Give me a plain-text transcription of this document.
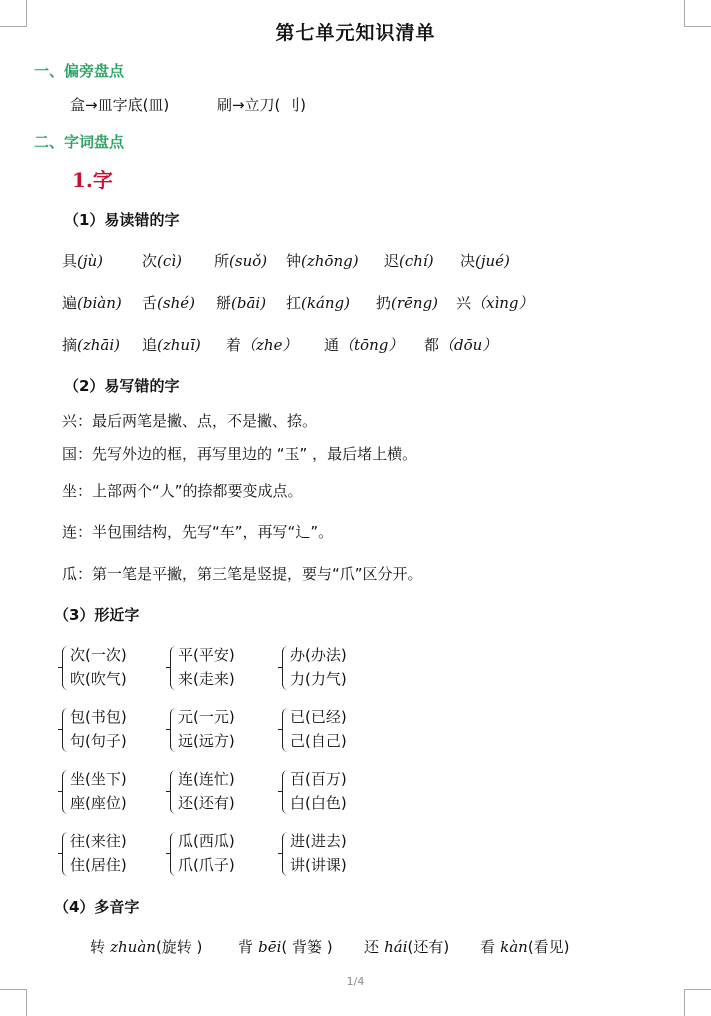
第七单元知识清单
一、偏旁盘点
盒→皿字底(皿)          刷→立刀( 刂)
二、字词盘点
1.字
（1）易读错的字
具(jù)	次(cì) 所(suǒ) 钟(zhōng) 迟(chí) 决(jué)
遍(biàn) 舌(shé) 掰(bāi) 扛(káng) 扔(rēng) 兴（xìng）
摘(zhāi) 追(zhuī) 着（zhe） 通（tōng） 都（dōu）
（2）易写错的字
兴：最后两笔是撇、点，不是撇、捺。
国：先写外边的框，再写里边的 “玉” ，最后堵上横。
坐：上部两个“人”的捺都要变成点。
连：半包围结构，先写“车”，再写“辶”。
瓜：第一笔是平撇，第三笔是竖提，要与“爪”区分开。
（3）形近字
次(一次)
吹(吹气)
平(平安)
来(走来)
办(办法)
力(力气)
包(书包)
句(句子)
元(一元)
远(远方)
已(已经)
己(自己)
坐(坐下)
座(座位)
连(连忙)
还(还有)
百(百万)
白(白色)
往(来往)
住(居住)
瓜(西瓜)
爪(爪子)
进(进去)
讲(讲课)
（4）多音字
转 zhuàn(旋转 ) 背 bēi( 背篓 ) 还 hái(还有) 看 kàn(看见)
1/4
